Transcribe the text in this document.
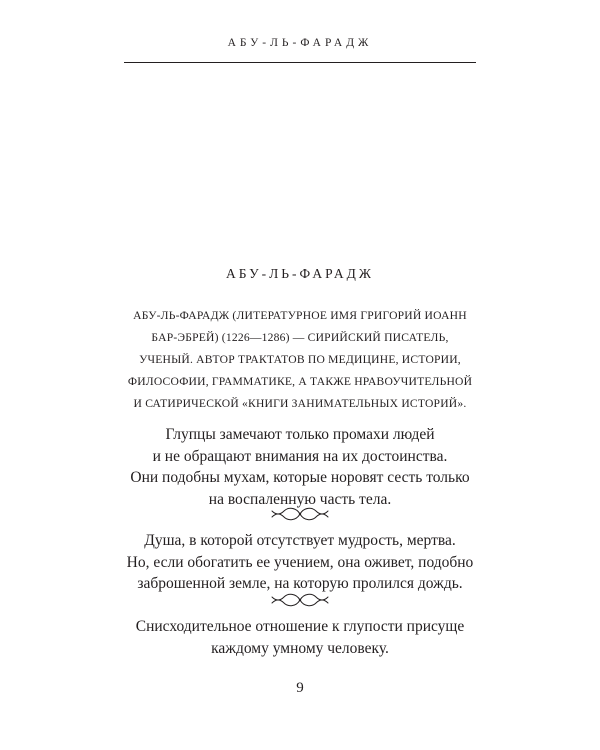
АБУ-ЛЬ-ФАРАДЖ
АБУ-ЛЬ-ФАРАДЖ
АБУ-ЛЬ-ФАРАДЖ (ЛИТЕРАТУРНОЕ ИМЯ ГРИГОРИЙ ИОАНН
БАР-ЭБРЕЙ) (1226—1286) — СИРИЙСКИЙ ПИСАТЕЛЬ,
УЧЕНЫЙ. АВТОР ТРАКТАТОВ ПО МЕДИЦИНЕ, ИСТОРИИ,
ФИЛОСОФИИ, ГРАММАТИКЕ, А ТАКЖЕ НРАВОУЧИТЕЛЬНОЙ
И САТИРИЧЕСКОЙ «КНИГИ ЗАНИМАТЕЛЬНЫХ ИСТОРИЙ».
Глупцы замечают только промахи людей
и не обращают внимания на их достоинства.
Они подобны мухам, которые норовят сесть только
на воспаленную часть тела.
Душа, в которой отсутствует мудрость, мертва.
Но, если обогатить ее учением, она оживет, подобно
заброшенной земле, на которую пролился дождь.
Снисходительное отношение к глупости присуще
каждому умному человеку.
9
